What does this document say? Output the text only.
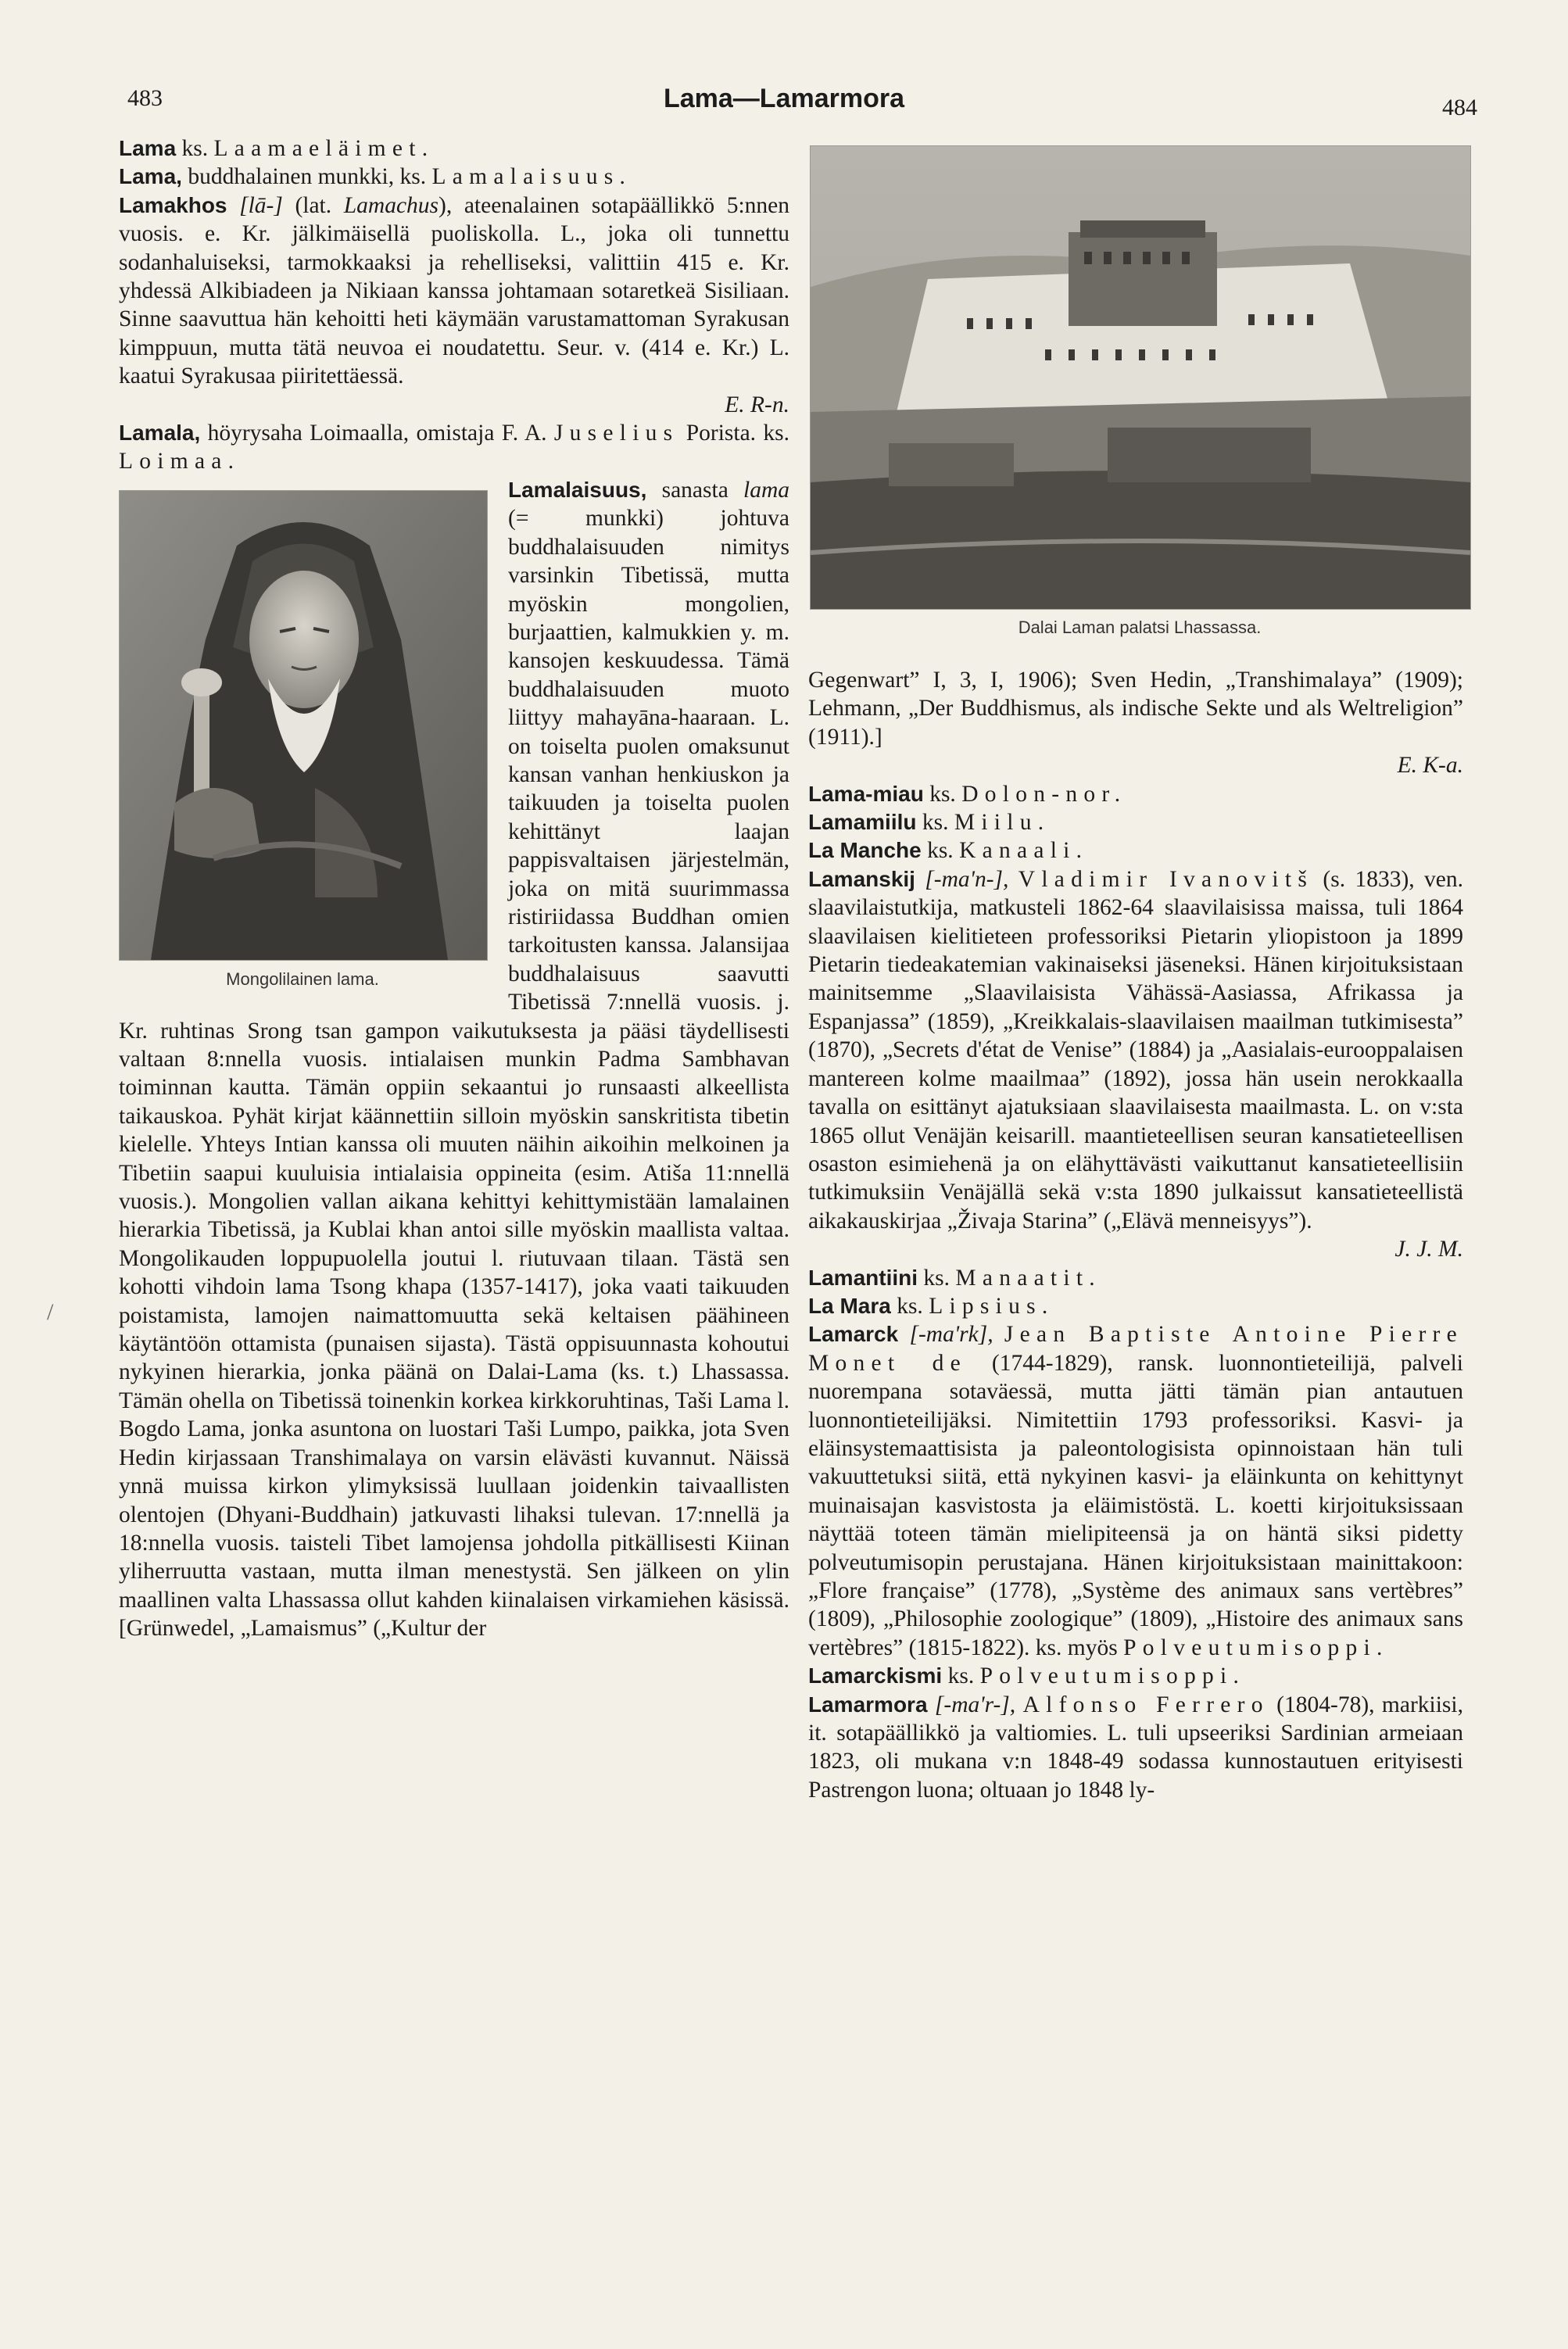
483	Lama—Lamarmora	484

Lama ks. Laamaeläimet.

Lama, buddhalainen munkki, ks. Lamalaisuus.

Lamakhos [lā-] (lat. Lamachus), ateenalainen sotapäällikkö 5:nnen vuosis. e. Kr. jälkimäisellä puoliskolla. L., joka oli tunnettu sodanhaluiseksi, tarmokkaaksi ja rehelliseksi, valittiin 415 e. Kr. yhdessä Alkibiadeen ja Nikiaan kanssa johtamaan sotaretkeä Sisiliaan. Sinne saavuttua hän kehoitti heti käymään varustamattoman Syrakusan kimppuun, mutta tätä neuvoa ei noudatettu. Seur. v. (414 e. Kr.) L. kaatui Syrakusaa piiritettäessä.

E. R-n.

Lamala, höyrysaha Loimaalla, omistaja F. A. Juselius Porista. ks. Loimaa.

Lamalaisuus, sanasta lama
Mongolilainen lama.
(= munkki) johtuva buddhalaisuuden nimitys varsinkin Tibetissä, mutta myöskin mongolien, burjaattien, kalmukkien y. m. kansojen keskuudessa. Tämä buddhalaisuuden muoto liittyy mahayāna-haaraan. L. on toiselta puolen omaksunut kansan vanhan henkiuskon ja taikuuden ja toiselta puolen kehittänyt laajan pappisvaltaisen järjestelmän, joka on mitä suurimmassa ristiriidassa Buddhan omien tarkoitusten kanssa. Jalansijaa buddhalaisuus saavutti Tibetissä 7:nnellä vuosis. j. Kr. ruhtinas Srong tsan gampon vaikutuksesta ja pääsi täydellisesti valtaan 8:nnella vuosis. intialaisen munkin Padma Sambhavan toiminnan kautta. Tämän oppiin sekaantui jo runsaasti alkeellista taikauskoa. Pyhät kirjat käännettiin silloin myöskin sanskritista tibetin kielelle. Yhteys Intian kanssa oli muuten näihin aikoihin melkoinen ja Tibetiin saapui kuuluisia intialaisia oppineita (esim. Atiša 11:nnellä vuosis.). Mongolien vallan aikana kehittyi kehittymistään lamalainen hierarkia Tibetissä, ja Kublai khan antoi sille myöskin maallista valtaa. Mongolikauden loppupuolella joutui l. riutuvaan tilaan. Tästä sen kohotti vihdoin lama Tsong khapa (1357-1417), joka vaati taikuuden poistamista, lamojen naimattomuutta sekä keltaisen päähineen käytäntöön ottamista (punaisen sijasta). Tästä oppisuunnasta kohoutui nykyinen hierarkia, jonka päänä on Dalai-Lama (ks. t.) Lhassassa. Tämän ohella on Tibetissä toinenkin korkea kirkkoruhtinas, Taši Lama l. Bogdo Lama, jonka asuntona on luostari Taši Lumpo, paikka, jota Sven Hedin kirjassaan Transhimalaya on varsin elävästi kuvannut. Näissä ynnä muissa kirkon ylimyksissä luullaan joidenkin taivaallisten olentojen (Dhyani-Buddhain) jatkuvasti lihaksi tulevan. 17:nnellä ja 18:nnella vuosis. taisteli Tibet lamojensa johdolla pitkällisesti Kiinan yliherruutta vastaan, mutta ilman menestystä. Sen jälkeen on ylin maallinen valta Lhassassa ollut kahden kiinalaisen virkamiehen käsissä. [Grünwedel, „Lamaismus” („Kultur der

Dalai Laman palatsi Lhassassa.

Gegenwart” I, 3, I, 1906); Sven Hedin, „Transhimalaya” (1909); Lehmann, „Der Buddhismus, als indische Sekte und als Weltreligion” (1911).]

E. K-a.

Lama-miau ks. Dolon-nor.

Lamamiilu ks. Miilu.

La Manche ks. Kanaali.

Lamanskij [-ma'n-], Vladimir Ivanovitš (s. 1833), ven. slaavilaistutkija, matkusteli 1862-64 slaavilaisissa maissa, tuli 1864 slaavilaisen kielitieteen professoriksi Pietarin yliopistoon ja 1899 Pietarin tiedeakatemian vakinaiseksi jäseneksi. Hänen kirjoituksistaan mainitsemme „Slaavilaisista Vähässä-Aasiassa, Afrikassa ja Espanjassa” (1859), „Kreikkalais-slaavilaisen maailman tutkimisesta” (1870), „Secrets d'état de Venise” (1884) ja „Aasialais-eurooppalaisen mantereen kolme maailmaa” (1892), jossa hän usein nerokkaalla tavalla on esittänyt ajatuksiaan slaavilaisesta maailmasta. L. on v:sta 1865 ollut Venäjän keisarill. maantieteellisen seuran kansatieteellisen osaston esimiehenä ja on elähyttävästi vaikuttanut kansatieteellisiin tutkimuksiin Venäjällä sekä v:sta 1890 julkaissut kansatieteellistä aikakauskirjaa „Živaja Starina” („Elävä menneisyys”).

J. J. M.

Lamantiini ks. Manaatit.

La Mara ks. Lipsius.

Lamarck [-ma'rk], Jean Baptiste Antoine Pierre Monet de (1744-1829), ransk. luonnontieteilijä, palveli nuorempana sotaväessä, mutta jätti tämän pian antautuen luonnontieteilijäksi. Nimitettiin 1793 professoriksi. Kasvi- ja eläinsystemaattisista ja paleontologisista opinnoistaan hän tuli vakuuttetuksi siitä, että nykyinen kasvi- ja eläinkunta on kehittynyt muinaisajan kasvistosta ja eläimistöstä. L. koetti kirjoituksissaan näyttää toteen tämän mielipiteensä ja on häntä siksi pidetty polveutumisopin perustajana. Hänen kirjoituksistaan mainittakoon: „Flore française” (1778), „Système des animaux sans vertèbres” (1809), „Philosophie zoologique” (1809), „Histoire des animaux sans vertèbres” (1815-1822). ks. myös Polveutumisoppi.

Lamarckismi ks. Polveutumisoppi.

Lamarmora [-ma'r-], Alfonso Ferrero (1804-78), markiisi, it. sotapäällikkö ja valtiomies. L. tuli upseeriksi Sardinian armeiaan 1823, oli mukana v:n 1848-49 sodassa kunnostautuen erityisesti Pastrengon luona; oltuaan jo 1848 ly-

/
